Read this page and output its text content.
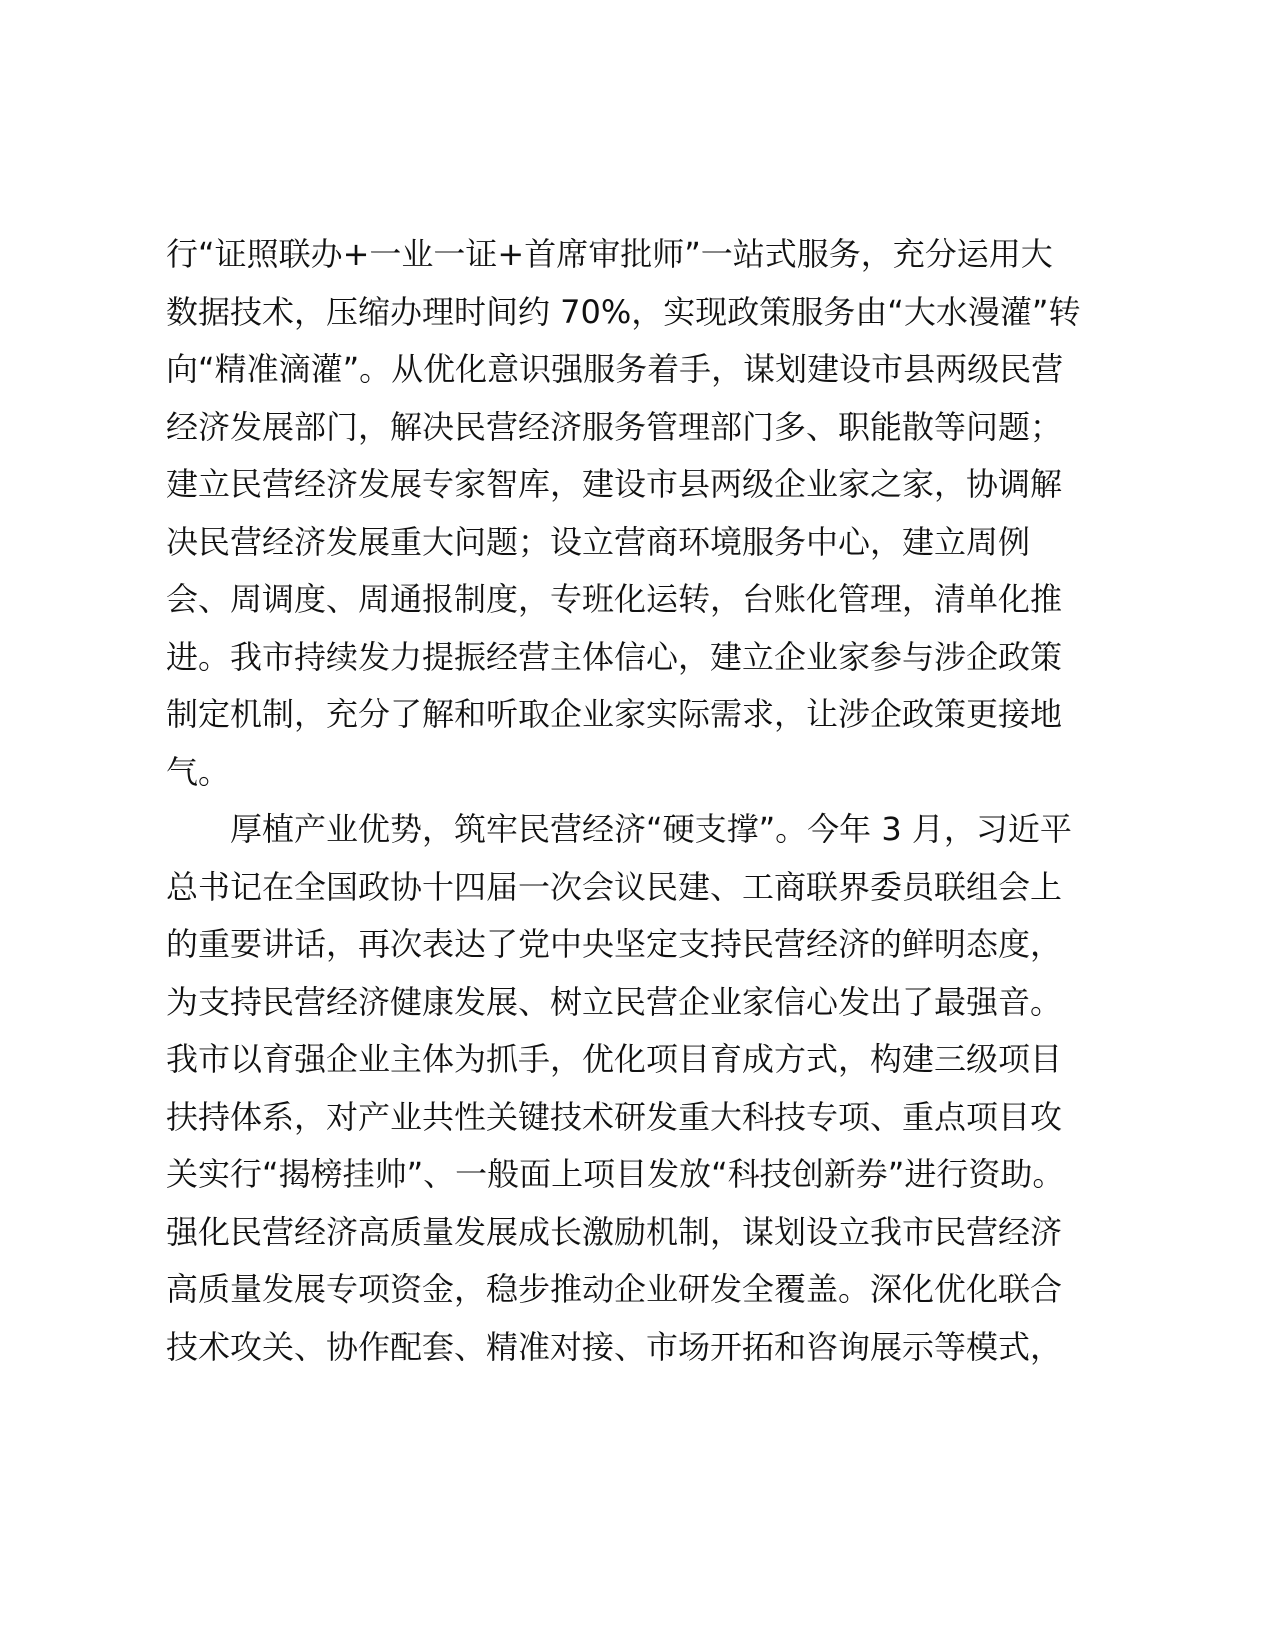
行“证照联办+一业一证+首席审批师”一站式服务，充分运用大
数据技术，压缩办理时间约 70%，实现政策服务由“大水漫灌”转
向“精准滴灌”。从优化意识强服务着手，谋划建设市县两级民营
经济发展部门，解决民营经济服务管理部门多、职能散等问题；
建立民营经济发展专家智库，建设市县两级企业家之家，协调解
决民营经济发展重大问题；设立营商环境服务中心，建立周例
会、周调度、周通报制度，专班化运转，台账化管理，清单化推
进。我市持续发力提振经营主体信心，建立企业家参与涉企政策
制定机制，充分了解和听取企业家实际需求，让涉企政策更接地
气。
　　厚植产业优势，筑牢民营经济“硬支撑”。今年 3 月，习近平
总书记在全国政协十四届一次会议民建、工商联界委员联组会上
的重要讲话，再次表达了党中央坚定支持民营经济的鲜明态度，
为支持民营经济健康发展、树立民营企业家信心发出了最强音。
我市以育强企业主体为抓手，优化项目育成方式，构建三级项目
扶持体系，对产业共性关键技术研发重大科技专项、重点项目攻
关实行“揭榜挂帅”、一般面上项目发放“科技创新券”进行资助。
强化民营经济高质量发展成长激励机制，谋划设立我市民营经济
高质量发展专项资金，稳步推动企业研发全覆盖。深化优化联合
技术攻关、协作配套、精准对接、市场开拓和咨询展示等模式，
